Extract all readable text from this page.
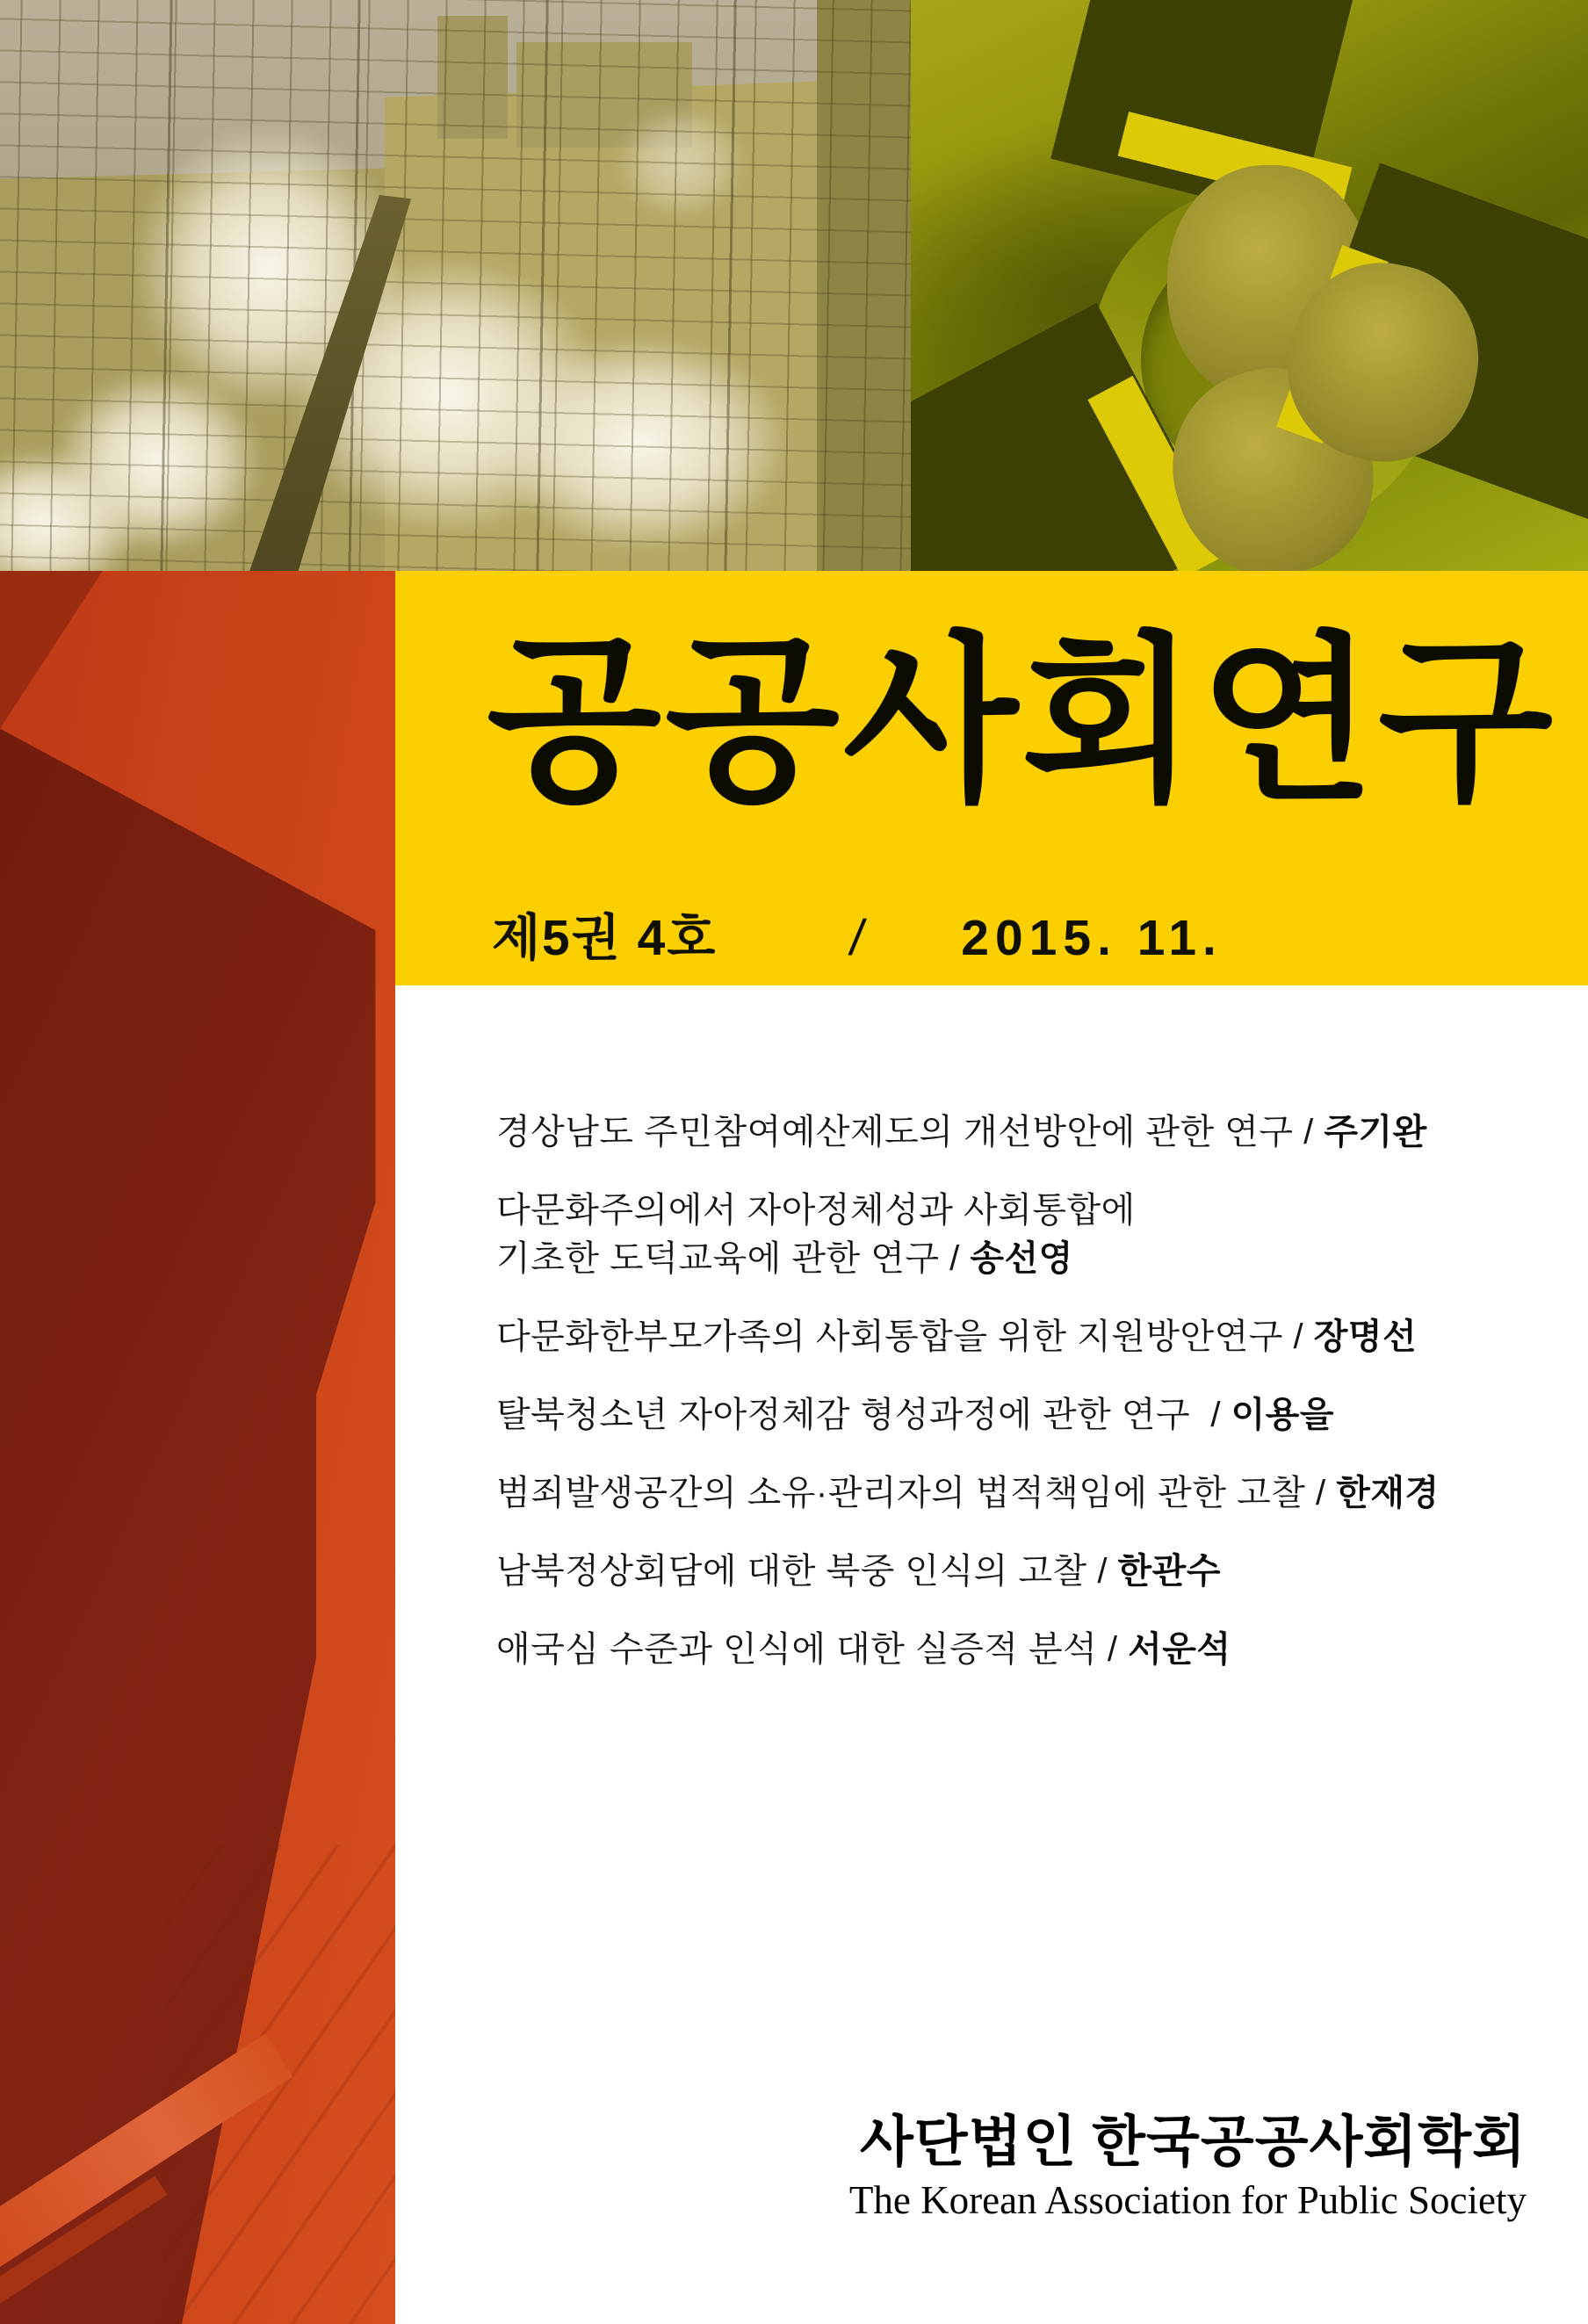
공공사회연구
제5권 4호	/ 2015. 11.
경상남도 주민참여예산제도의 개선방안에 관한 연구 / 주기완
다문화주의에서 자아정체성과 사회통합에
기초한 도덕교육에 관한 연구 / 송선영
다문화한부모가족의 사회통합을 위한 지원방안연구 / 장명선
탈북청소년 자아정체감 형성과정에 관한 연구  / 이용을
범죄발생공간의 소유·관리자의 법적책임에 관한 고찰 / 한재경
남북정상회담에 대한 북중 인식의 고찰 / 한관수
애국심 수준과 인식에 대한 실증적 분석 / 서운석
사단법인 한국공공사회학회
The Korean Association for Public Society
